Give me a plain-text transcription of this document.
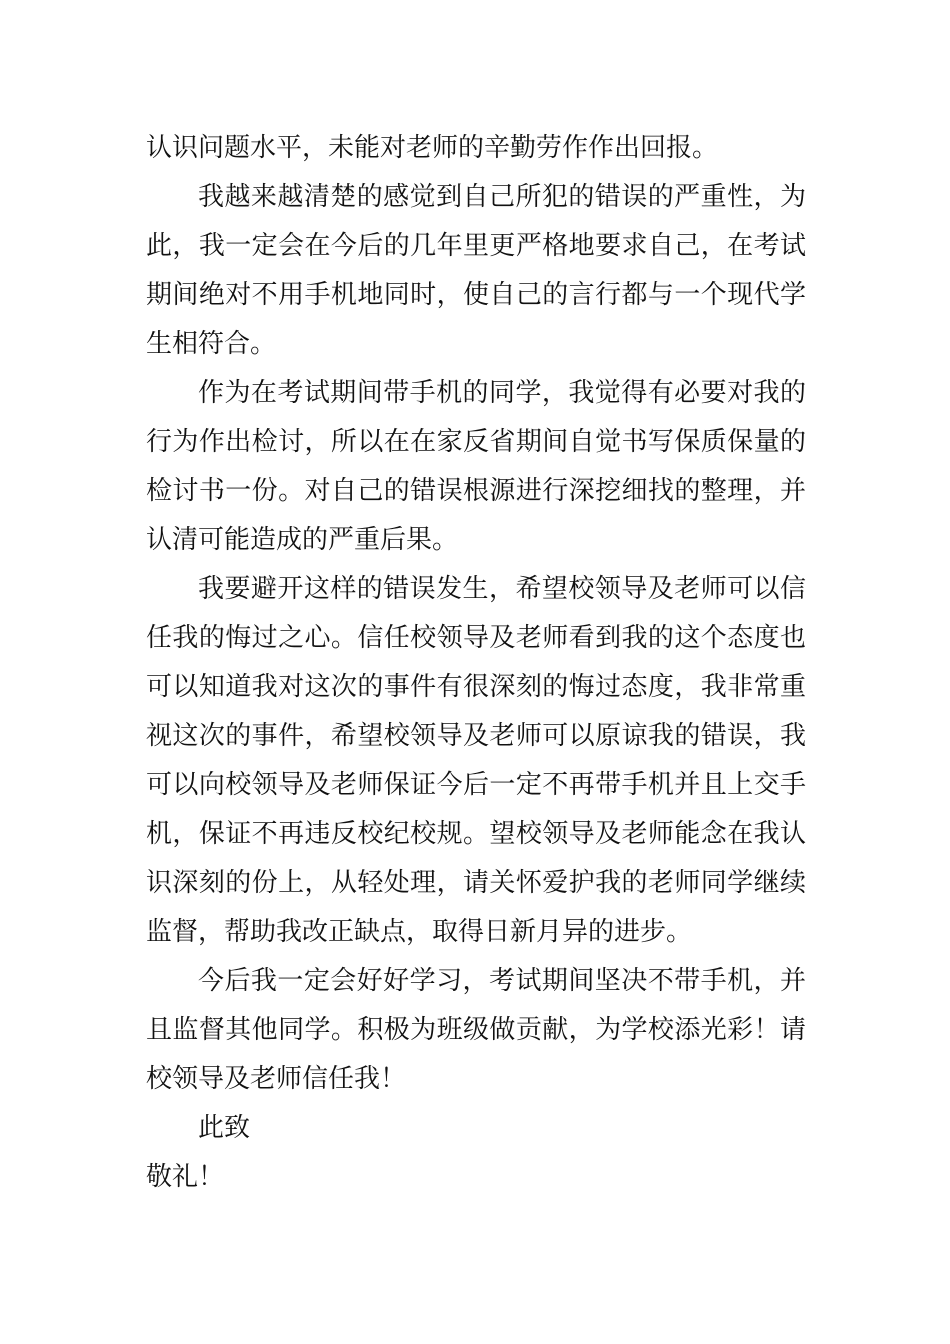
认识问题水平，未能对老师的辛勤劳作作出回报。

我越来越清楚的感觉到自己所犯的错误的严重性，为此，我一定会在今后的几年里更严格地要求自己，在考试期间绝对不用手机地同时，使自己的言行都与一个现代学生相符合。

作为在考试期间带手机的同学，我觉得有必要对我的行为作出检讨，所以在在家反省期间自觉书写保质保量的检讨书一份。对自己的错误根源进行深挖细找的整理，并认清可能造成的严重后果。

我要避开这样的错误发生，希望校领导及老师可以信任我的悔过之心。信任校领导及老师看到我的这个态度也可以知道我对这次的事件有很深刻的悔过态度，我非常重视这次的事件，希望校领导及老师可以原谅我的错误，我可以向校领导及老师保证今后一定不再带手机并且上交手机，保证不再违反校纪校规。望校领导及老师能念在我认识深刻的份上，从轻处理，请关怀爱护我的老师同学继续监督，帮助我改正缺点，取得日新月异的进步。

今后我一定会好好学习，考试期间坚决不带手机，并且监督其他同学。积极为班级做贡献，为学校添光彩！请校领导及老师信任我！

此致

敬礼！
